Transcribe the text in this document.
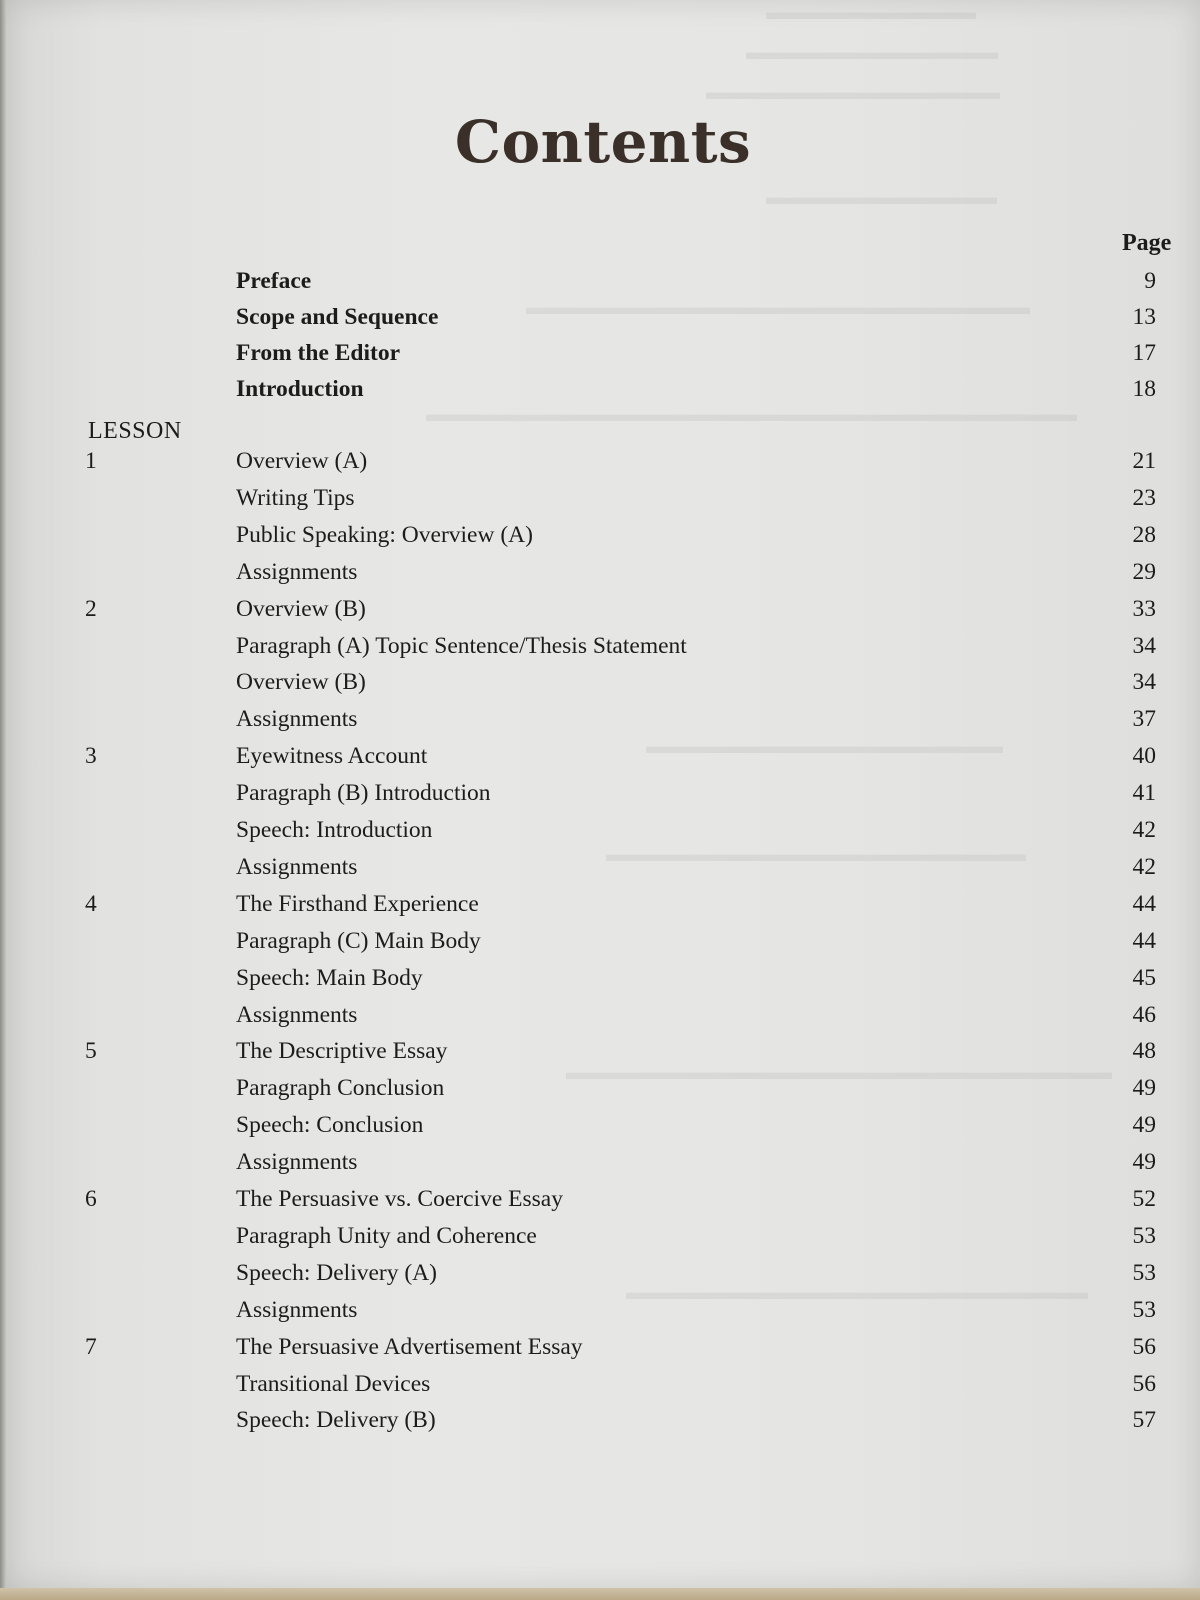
▬▬▬▬▬▬▬▬▬▬
▬▬▬▬▬▬▬▬▬▬▬▬
▬▬▬▬▬▬▬▬▬▬▬▬▬▬
▬▬▬▬▬▬▬▬▬▬▬
▬▬▬▬▬▬▬▬▬▬▬▬▬▬▬▬▬▬▬▬▬▬▬▬
▬▬▬▬▬▬▬▬▬▬▬▬▬▬▬▬▬▬▬▬▬▬▬▬▬▬▬▬▬▬▬
▬▬▬▬▬▬▬▬▬▬▬▬▬▬▬▬▬
▬▬▬▬▬▬▬▬▬▬▬▬▬▬▬▬▬▬▬▬
▬▬▬▬▬▬▬▬▬▬▬▬▬▬▬▬▬▬▬▬▬▬▬▬▬▬
▬▬▬▬▬▬▬▬▬▬▬▬▬▬▬▬▬▬▬▬▬▬
Contents
Page
Preface	9
Scope and Sequence	13
From the Editor	17
Introduction	18
LESSON
1	Overview (A)	21
Writing Tips	23
Public Speaking: Overview (A)	28
Assignments	29
2	Overview (B)	33
Paragraph (A) Topic Sentence/Thesis Statement	34
Overview (B)	34
Assignments	37
3	Eyewitness Account	40
Paragraph (B) Introduction	41
Speech: Introduction	42
Assignments	42
4	The Firsthand Experience	44
Paragraph (C) Main Body	44
Speech: Main Body	45
Assignments	46
5	The Descriptive Essay	48
Paragraph Conclusion	49
Speech: Conclusion	49
Assignments	49
6	The Persuasive vs. Coercive Essay	52
Paragraph Unity and Coherence	53
Speech: Delivery (A)	53
Assignments	53
7	The Persuasive Advertisement Essay	56
Transitional Devices	56
Speech: Delivery (B)	57
